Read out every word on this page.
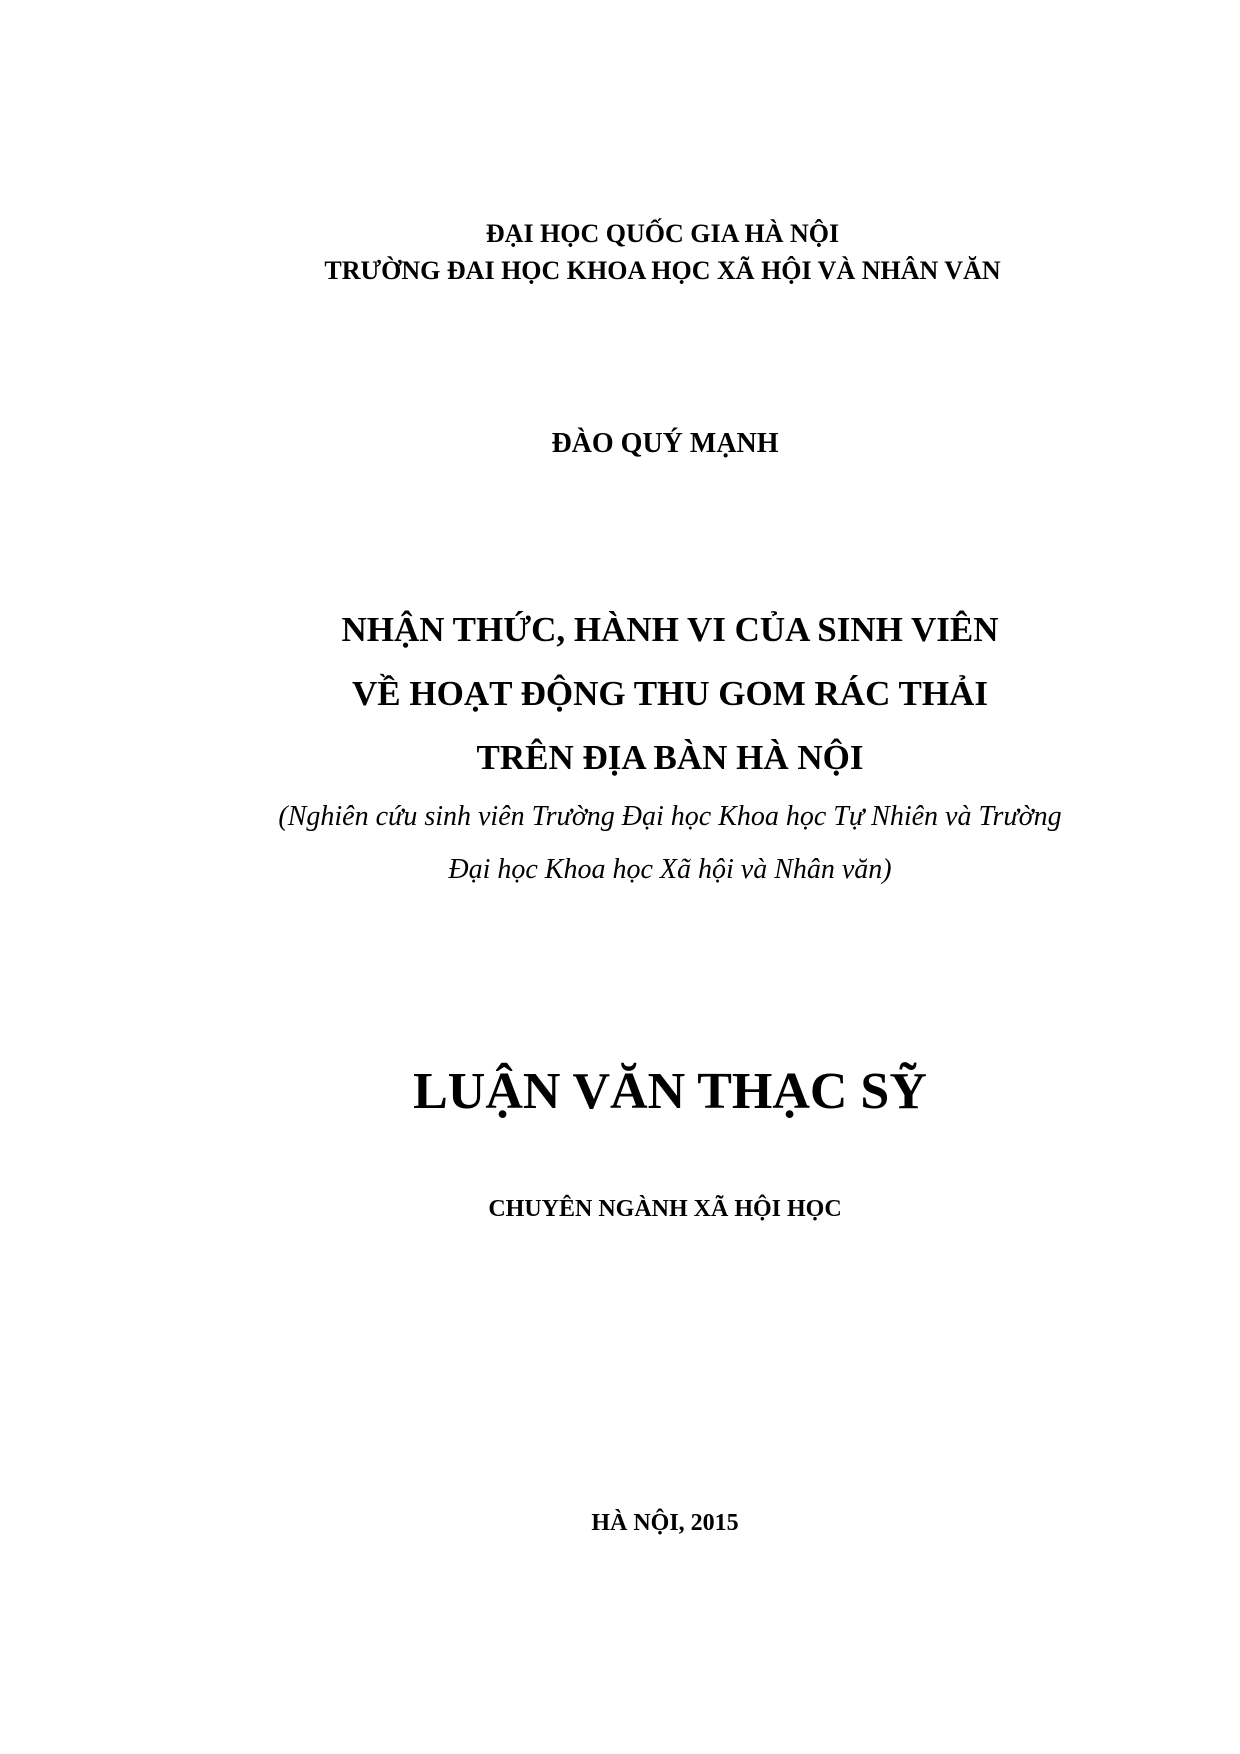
ĐẠI HỌC QUỐC GIA HÀ NỘI
TRƯỜNG ĐAI HỌC KHOA HỌC XÃ HỘI VÀ NHÂN VĂN
ĐÀO QUÝ MẠNH
NHẬN THỨC, HÀNH VI CỦA SINH VIÊN
VỀ HOẠT ĐỘNG THU GOM RÁC THẢI
TRÊN ĐỊA BÀN HÀ NỘI
(Nghiên cứu sinh viên Trường Đại học Khoa học Tự Nhiên và Trường
Đại học Khoa học Xã hội và Nhân văn)
LUẬN VĂN THẠC SỸ
CHUYÊN NGÀNH XÃ HỘI HỌC
HÀ NỘI, 2015
